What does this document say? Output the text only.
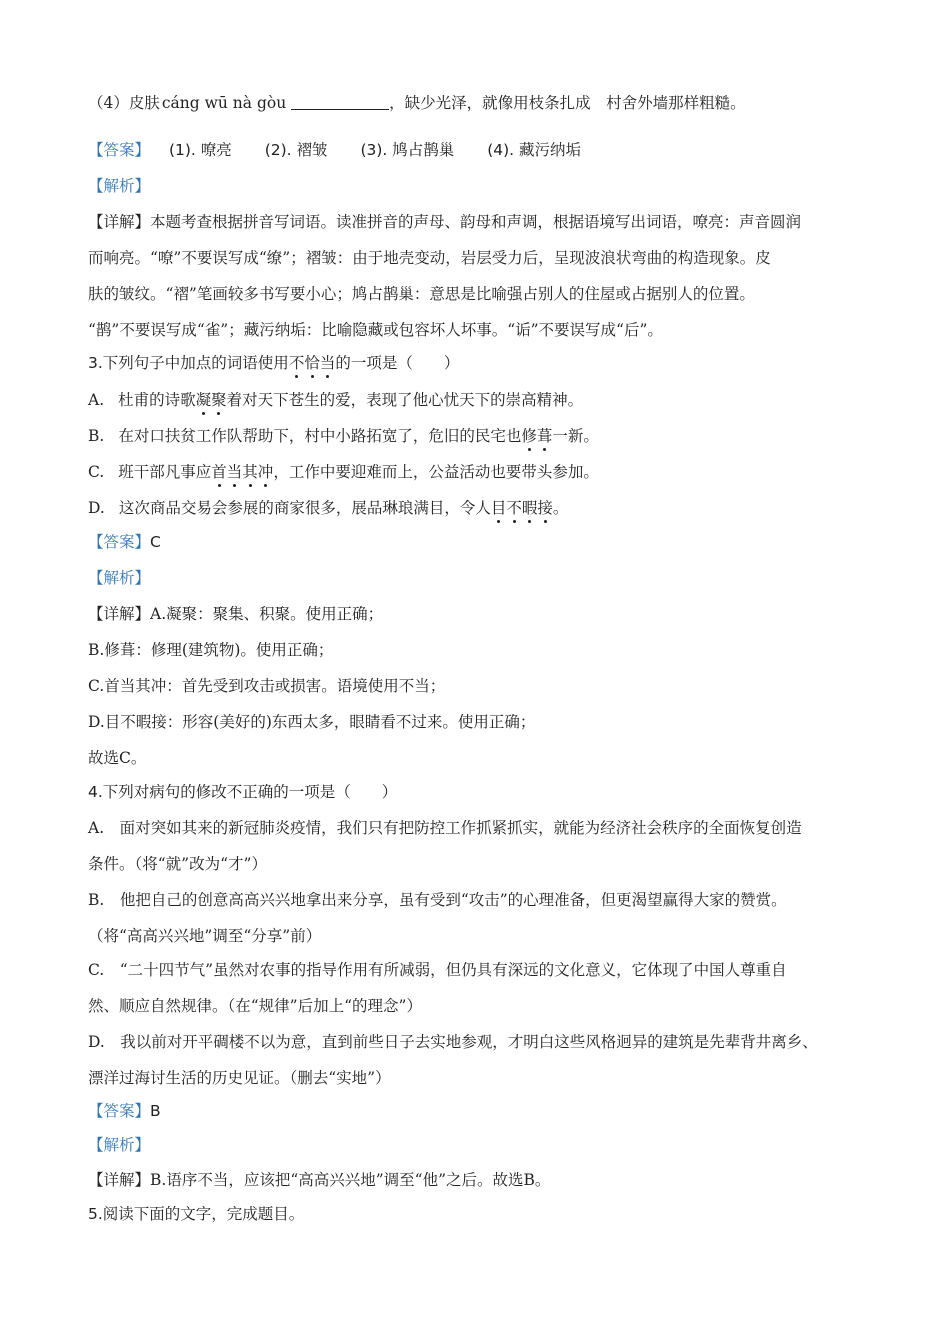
（4）皮肤 cáng wū nà gòu	，缺少光泽，就像用枝条扎成　村舍外墙那样粗糙。
【答案】 (1). 嘹亮 (2). 褶皱 (3). 鸠占鹊巢 (4). 藏污纳垢
【解析】
【详解】本题考查根据拼音写词语。读准拼音的声母、韵母和声调，根据语境写出词语，嘹亮：声音圆润
而响亮。“嘹”不要误写成“缭”；褶皱：由于地壳变动，岩层受力后，呈现波浪状弯曲的构造现象。皮
肤的皱纹。“褶”笔画较多书写要小心；鸠占鹊巢：意思是比喻强占别人的住屋或占据别人的位置。
“鹊”不要误写成“雀”；藏污纳垢：比喻隐藏或包容坏人坏事。“诟”不要误写成“后”。
3.下列句子中加点的词语使用不恰当的一项是（　　）
A. 杜甫的诗歌凝聚着对天下苍生的爱，表现了他心忧天下的崇高精神。
B. 在对口扶贫工作队帮助下，村中小路拓宽了，危旧的民宅也修葺一新。
C. 班干部凡事应首当其冲，工作中要迎难而上，公益活动也要带头参加。
D. 这次商品交易会参展的商家很多，展品琳琅满目，令人目不暇接。
【答案】C
【解析】
【详解】A.凝聚：聚集、积聚。使用正确；
B.修葺：修理(建筑物)。使用正确；
C.首当其冲：首先受到攻击或损害。语境使用不当；
D.目不暇接：形容(美好的)东西太多，眼睛看不过来。使用正确；
故选C。
4.下列对病句的修改不正确的一项是（　　）
A.　面对突如其来的新冠肺炎疫情，我们只有把防控工作抓紧抓实，就能为经济社会秩序的全面恢复创造
条件。（将“就”改为“才”）
B.　他把自己的创意高高兴兴地拿出来分享，虽有受到“攻击”的心理准备，但更渴望赢得大家的赞赏。
（将“高高兴兴地”调至“分享”前）
C.　“二十四节气”虽然对农事的指导作用有所减弱，但仍具有深远的文化意义，它体现了中国人尊重自
然、顺应自然规律。（在“规律”后加上“的理念”）
D.　我以前对开平碉楼不以为意，直到前些日子去实地参观，才明白这些风格迥异的建筑是先辈背井离乡、
漂洋过海讨生活的历史见证。（删去“实地”）
【答案】B
【解析】
【详解】B.语序不当，应该把“高高兴兴地”调至“他”之后。故选B。
5.阅读下面的文字，完成题目。
